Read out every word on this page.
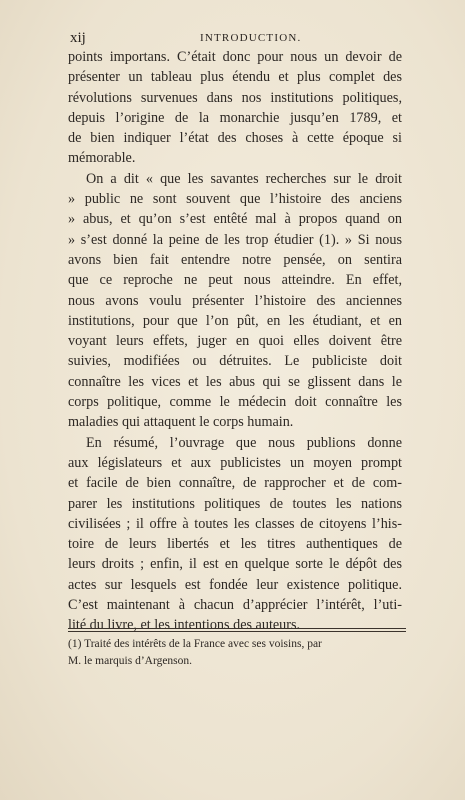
xij	INTRODUCTION.
points importans. C’était donc pour nous un devoir de
présenter un tableau plus étendu et plus complet des
révolutions survenues dans nos institutions politiques,
depuis l’origine de la monarchie jusqu’en 1789, et
de bien indiquer l’état des choses à cette époque si
mémorable.
On a dit « que les savantes recherches sur le droit
» public ne sont souvent que l’histoire des anciens
» abus, et qu’on s’est entêté mal à propos quand on
» s’est donné la peine de les trop étudier (1). » Si nous
avons bien fait entendre notre pensée, on sentira
que ce reproche ne peut nous atteindre. En effet,
nous avons voulu présenter l’histoire des anciennes
institutions, pour que l’on pût, en les étudiant, et en
voyant leurs effets, juger en quoi elles doivent être
suivies, modifiées ou détruites. Le publiciste doit
connaître les vices et les abus qui se glissent dans le
corps politique, comme le médecin doit connaître les
maladies qui attaquent le corps humain.
En résumé, l’ouvrage que nous publions donne
aux législateurs et aux publicistes un moyen prompt
et facile de bien connaître, de rapprocher et de com-
parer les institutions politiques de toutes les nations
civilisées ; il offre à toutes les classes de citoyens l’his-
toire de leurs libertés et les titres authentiques de
leurs droits ; enfin, il est en quelque sorte le dépôt des
actes sur lesquels est fondée leur existence politique.
C’est maintenant à chacun d’apprécier l’intérêt, l’uti-
lité du livre, et les intentions des auteurs.
(1) Traité des intérêts de la France avec ses voisins, par
M. le marquis d’Argenson.
